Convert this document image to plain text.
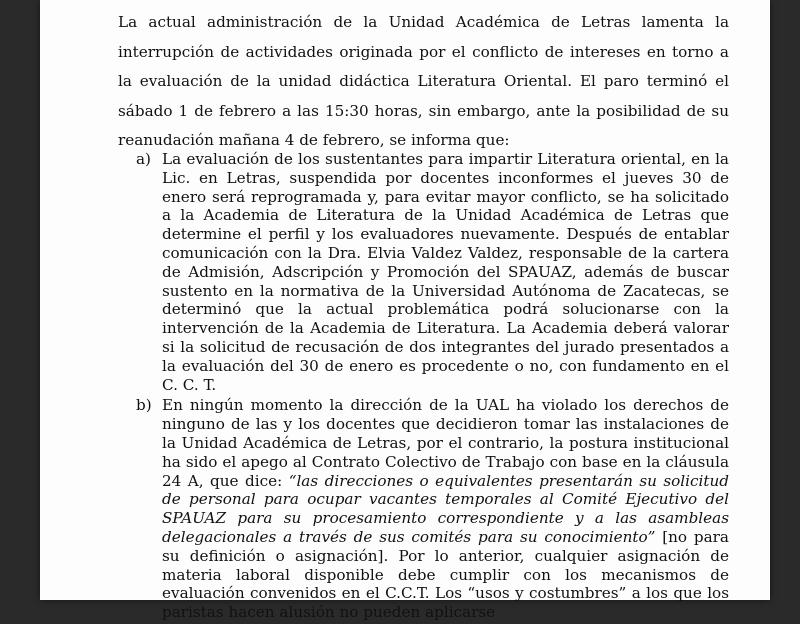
La actual administración de la Unidad Académica de Letras lamenta la interrupción de actividades originada por el conflicto de intereses en torno a la evaluación de la unidad didáctica Literatura Oriental. El paro terminó el sábado 1 de febrero a las 15:30 horas, sin embargo, ante la posibilidad de su reanudación mañana 4 de febrero, se informa que:

a) La evaluación de los sustentantes para impartir Literatura oriental, en la Lic. en Letras, suspendida por docentes inconformes el jueves 30 de enero será reprogramada y, para evitar mayor conflicto, se ha solicitado a la Academia de Literatura de la Unidad Académica de Letras que determine el perfil y los evaluadores nuevamente. Después de entablar comunicación con la Dra. Elvia Valdez Valdez, responsable de la cartera de Admisión, Adscripción y Promoción del SPAUAZ, además de buscar sustento en la normativa de la Universidad Autónoma de Zacatecas, se determinó que la actual problemática podrá solucionarse con la intervención de la Academia de Literatura. La Academia deberá valorar si la solicitud de recusación de dos integrantes del jurado presentados a la evaluación del 30 de enero es procedente o no, con fundamento en el C. C. T.
b) En ningún momento la dirección de la UAL ha violado los derechos de ninguno de las y los docentes que decidieron tomar las instalaciones de la Unidad Académica de Letras, por el contrario, la postura institucional ha sido el apego al Contrato Colectivo de Trabajo con base en la cláusula 24 A, que dice: “las direcciones o equivalentes presentarán su solicitud de personal para ocupar vacantes temporales al Comité Ejecutivo del SPAUAZ para su procesamiento correspondiente y a las asambleas delegacionales a través de sus comités para su conocimiento” [no para su definición o asignación]. Por lo anterior, cualquier asignación de materia laboral disponible debe cumplir con los mecanismos de evaluación convenidos en el C.C.T. Los “usos y costumbres” a los que los paristas hacen alusión no pueden aplicarse
